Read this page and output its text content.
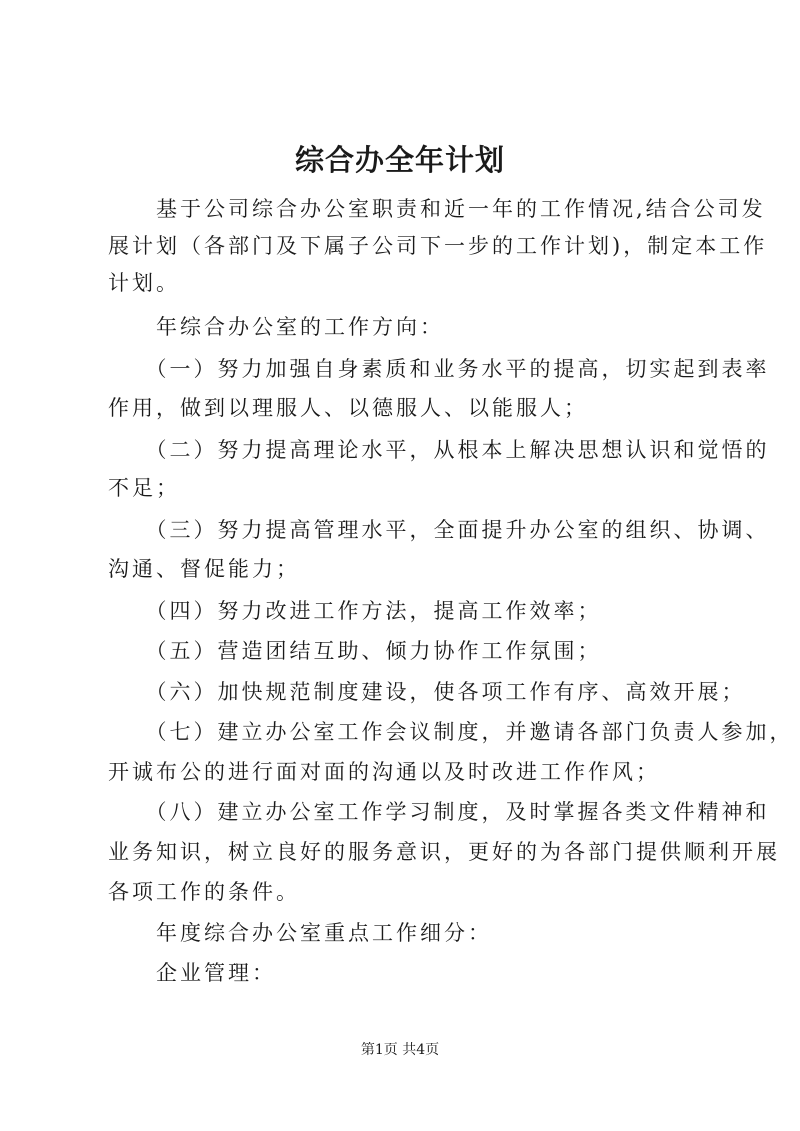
综合办全年计划
　　基于公司综合办公室职责和近一年的工作情况,结合公司发
展计划（各部门及下属子公司下一步的工作计划)，制定本工作
计划。
　　年综合办公室的工作方向：
　　（一）努力加强自身素质和业务水平的提高，切实起到表率
作用，做到以理服人、以德服人、以能服人；
　　（二）努力提高理论水平，从根本上解决思想认识和觉悟的
不足；
　　（三）努力提高管理水平，全面提升办公室的组织、协调、
沟通、督促能力；
　　（四）努力改进工作方法，提高工作效率；
　　（五）营造团结互助、倾力协作工作氛围；
　　（六）加快规范制度建设，使各项工作有序、高效开展；
　　（七）建立办公室工作会议制度，并邀请各部门负责人参加，
开诚布公的进行面对面的沟通以及时改进工作作风；
　　（八）建立办公室工作学习制度，及时掌握各类文件精神和
业务知识，树立良好的服务意识，更好的为各部门提供顺利开展
各项工作的条件。
　　年度综合办公室重点工作细分：
　　企业管理：
第1页 共4页
